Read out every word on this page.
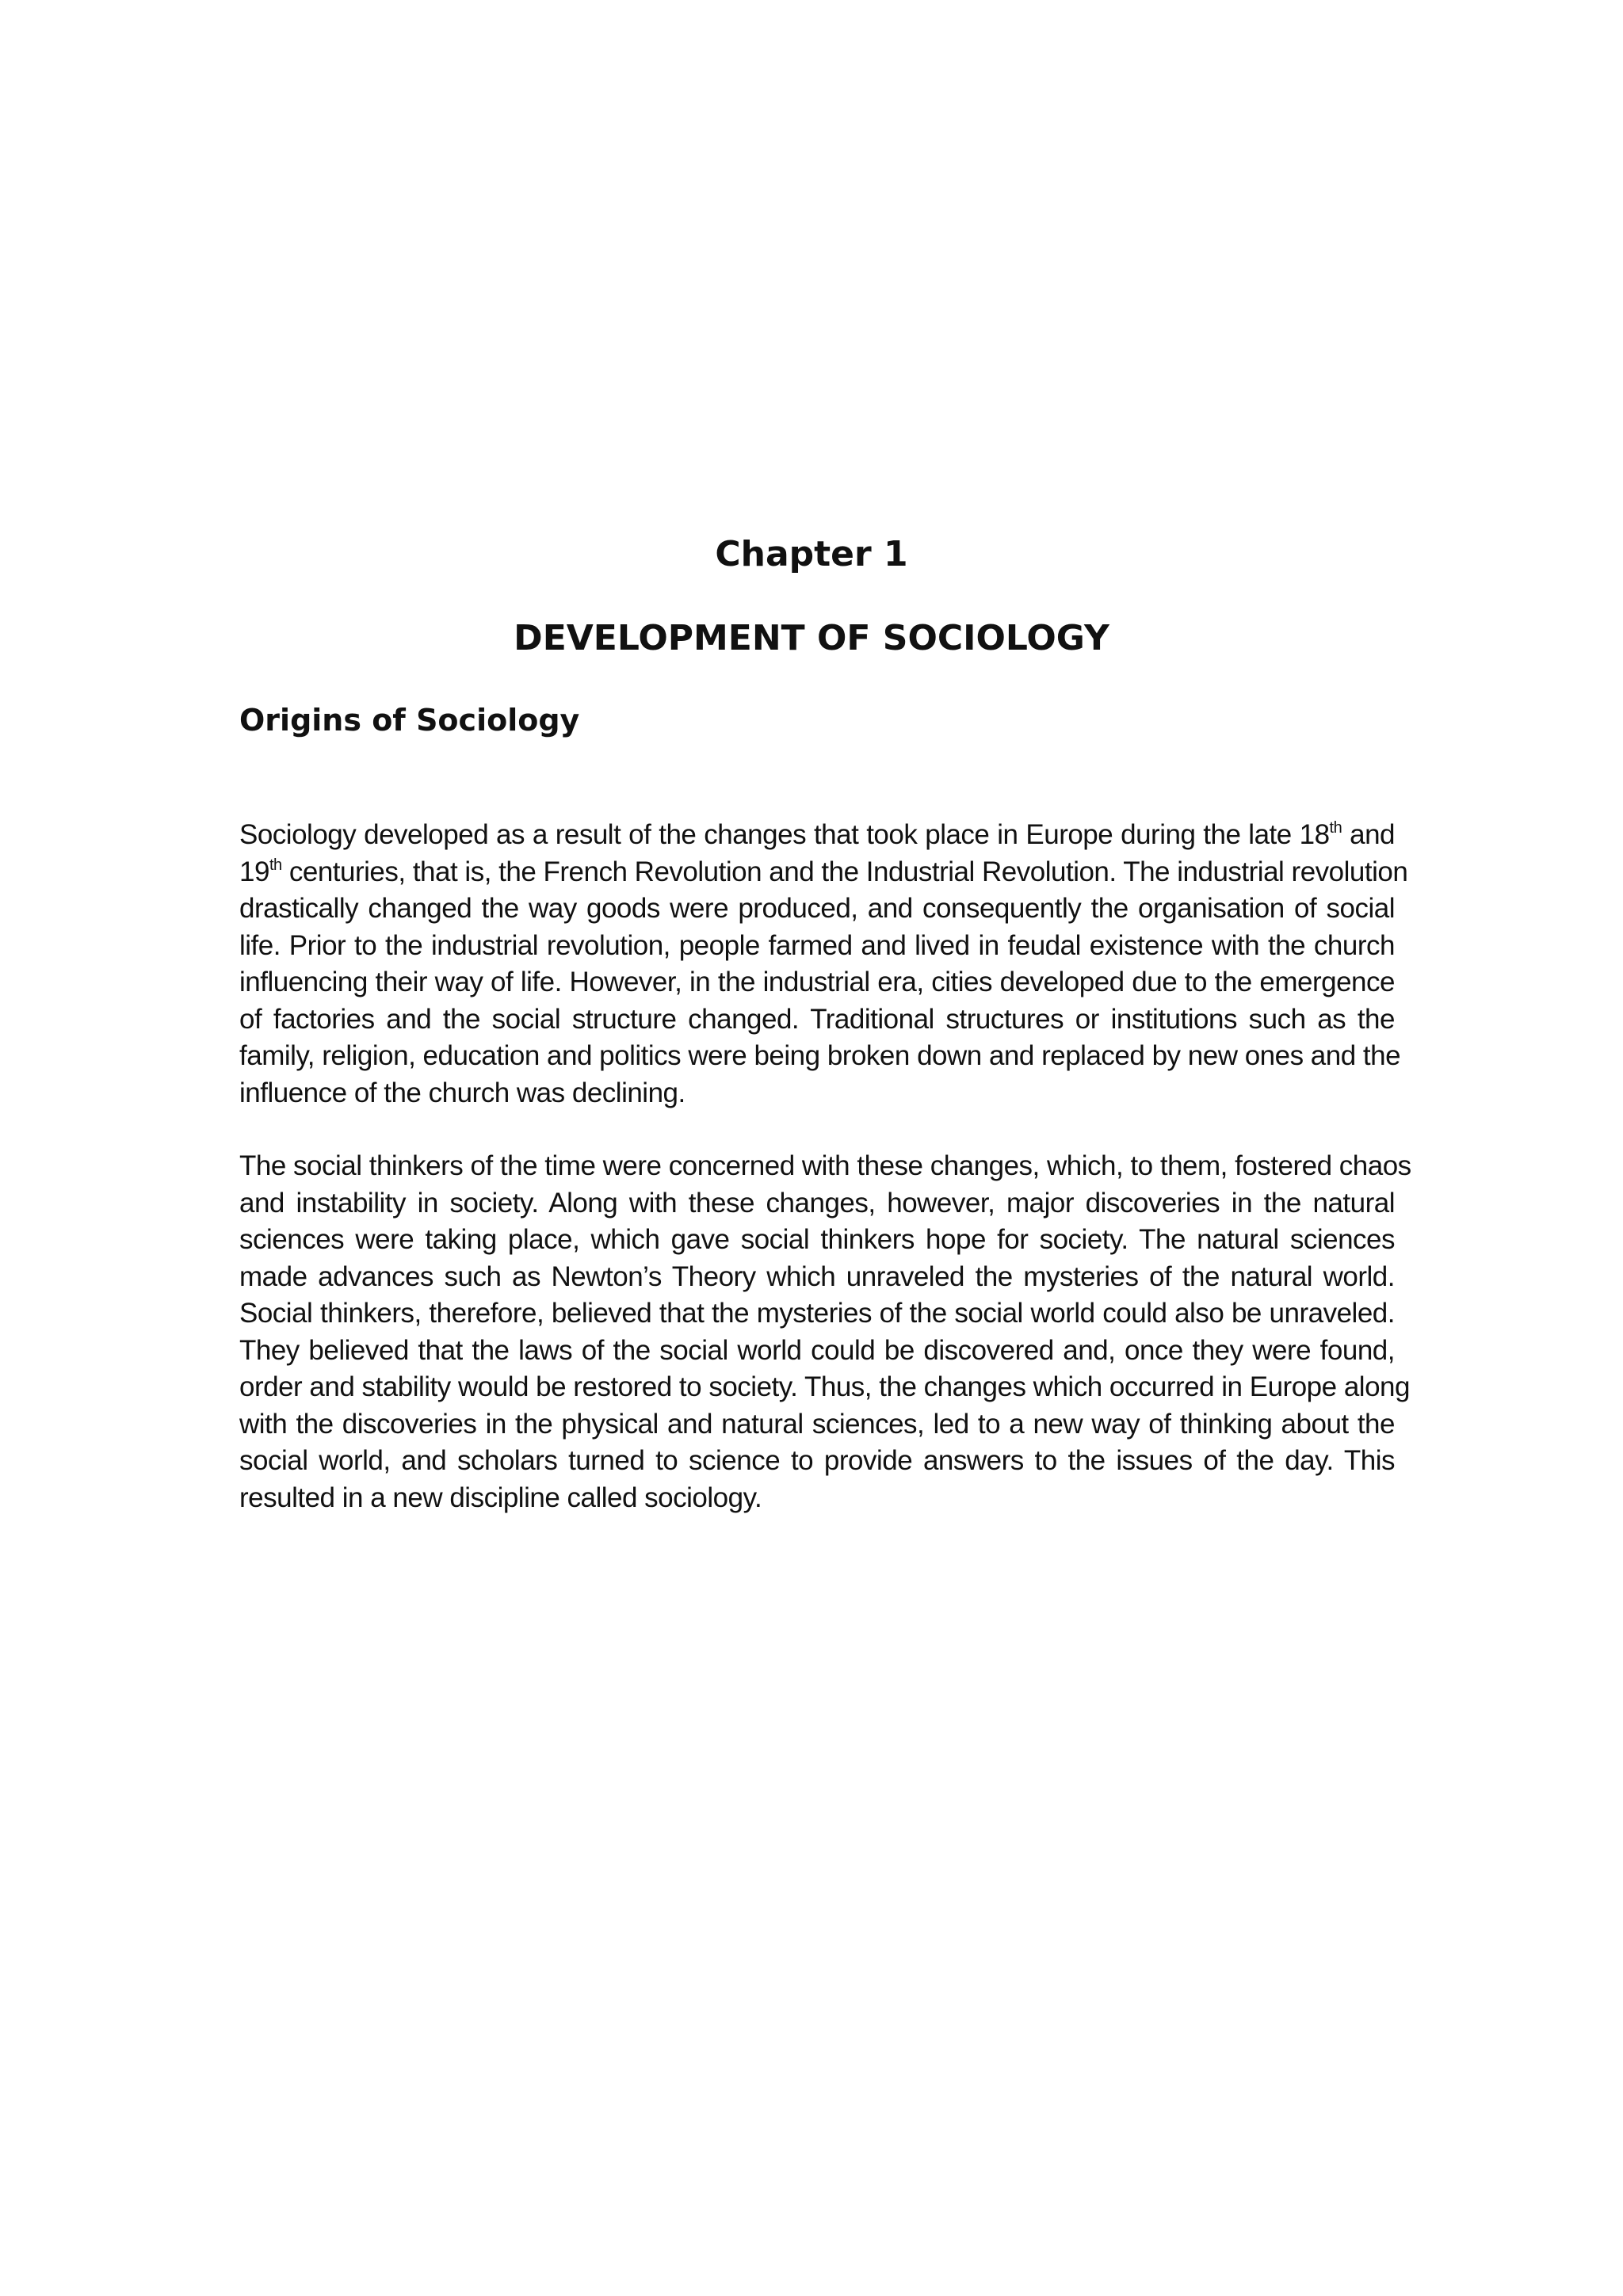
Chapter 1
DEVELOPMENT OF SOCIOLOGY
Origins of Sociology
Sociology developed as a result of the changes that took place in Europe during the late 18th and
19th centuries, that is, the French Revolution and the Industrial Revolution. The industrial revolution
drastically changed the way goods were produced, and consequently the organisation of social
life. Prior to the industrial revolution, people farmed and lived in feudal existence with the church
influencing their way of life. However, in the industrial era, cities developed due to the emergence
of factories and the social structure changed. Traditional structures or institutions such as the
family, religion, education and politics were being broken down and replaced by new ones and the
influence of the church was declining.
The social thinkers of the time were concerned with these changes, which, to them, fostered chaos
and instability in society. Along with these changes, however, major discoveries in the natural
sciences were taking place, which gave social thinkers hope for society. The natural sciences
made advances such as Newton’s Theory which unraveled the mysteries of the natural world.
Social thinkers, therefore, believed that the mysteries of the social world could also be unraveled.
They believed that the laws of the social world could be discovered and, once they were found,
order and stability would be restored to society. Thus, the changes which occurred in Europe along
with the discoveries in the physical and natural sciences, led to a new way of thinking about the
social world, and scholars turned to science to provide answers to the issues of the day. This
resulted in a new discipline called sociology.
